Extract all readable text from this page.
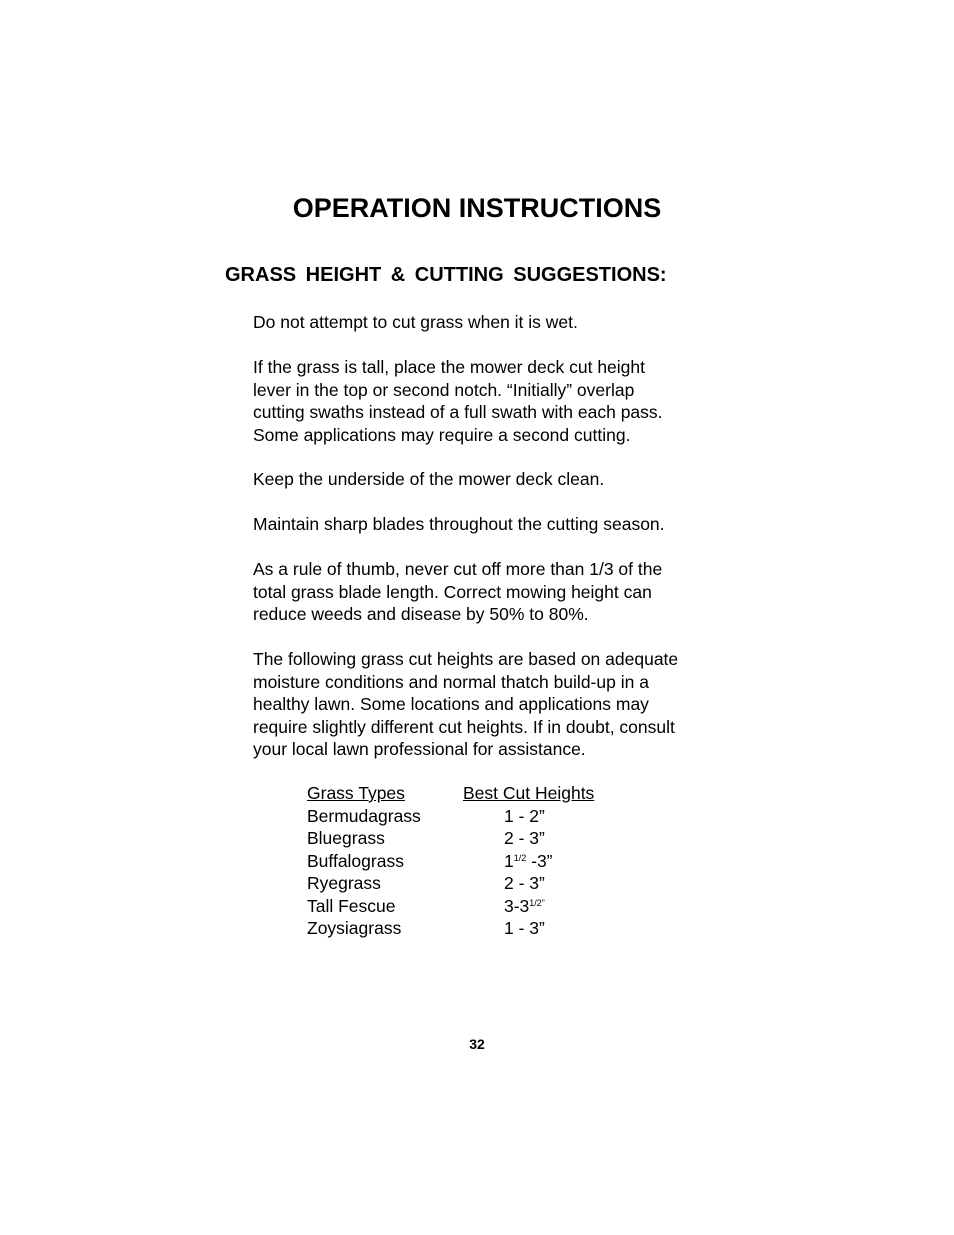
OPERATION INSTRUCTIONS
GRASS HEIGHT & CUTTING SUGGESTIONS:

Do not attempt to cut grass when it is wet.

If the grass is tall, place the mower deck cut height
lever in the top or second notch. “Initially” overlap
cutting swaths instead of a full swath with each pass.
Some applications may require a second cutting.

Keep the underside of the mower deck clean.

Maintain sharp blades throughout the cutting season.

As a rule of thumb, never cut off more than 1/3 of the
total grass blade length. Correct mowing height can
reduce weeds and disease by 50% to 80%.

The following grass cut heights are based on adequate
moisture conditions and normal thatch build-up in a
healthy lawn. Some locations and applications may
require slightly different cut heights. If in doubt, consult
your local lawn professional for assistance.

Grass Types	Best Cut Heights
Bermudagrass	1 - 2”
Bluegrass	2 - 3”
Buffalograss	$1^{1/2}$ -3”
Ryegrass	2 - 3”
Tall Fescue	$3-3^{1/2”}$
Zoysiagrass	1 - 3”
32
